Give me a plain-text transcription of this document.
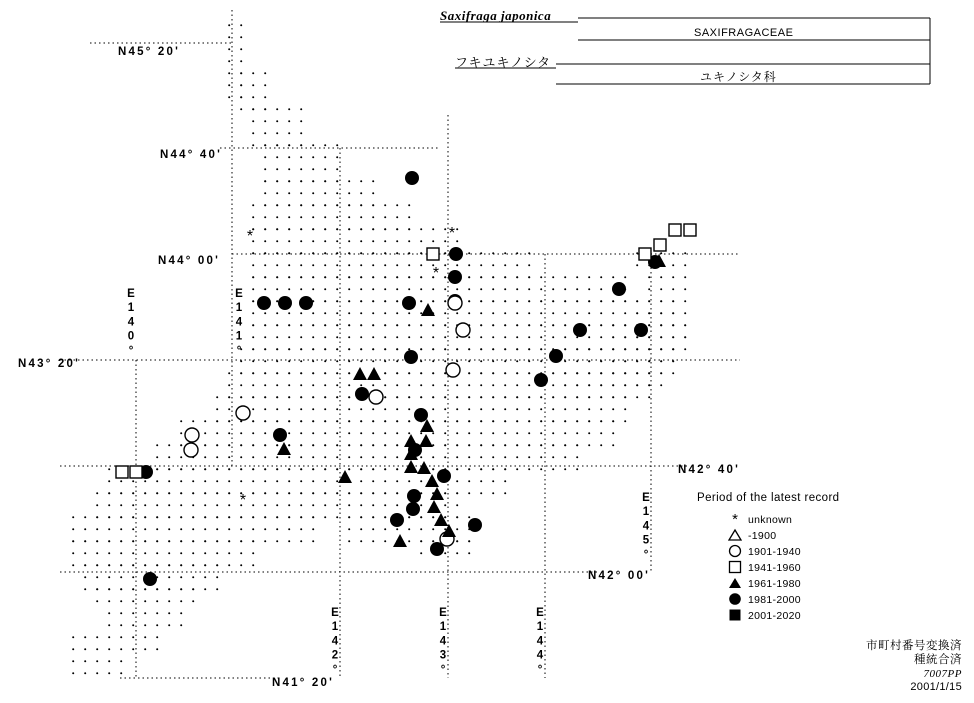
*	*
*
*
Saxifraga japonica
SAXIFRAGACEAE
フキユキノシタ
ユキノシタ科
N45° 20'
N44° 40'
N44° 00'
N43° 20'
N42° 40'
N42° 00'
N41° 20'
E140°	E141°
E142°	E143°	E144°
E145°	Period of the latest record
* unknown
-1900
1901-1940
1941-1960
1961-1980
1981-2000
2001-2020
市町村番号変換済
種統合済
7007PP
2001/1/15
